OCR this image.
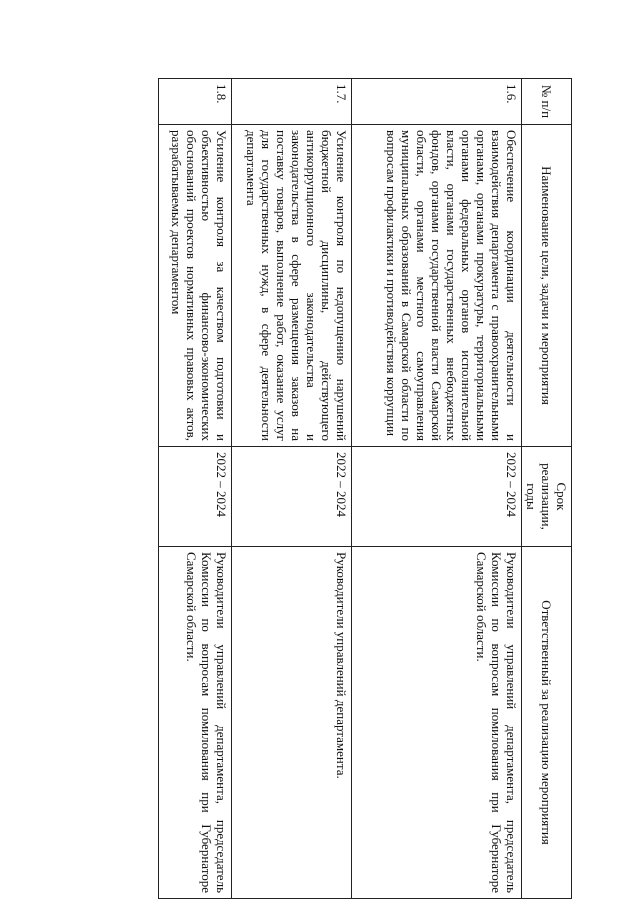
№ п/п	Наименование цели, задачи и мероприятия	Срок реализации, годы	Ответственный за реализацию мероприятия
1.6.	Обеспечение координации деятельности и взаимодействия департамента с правоохранительными органами, органами прокуратуры, территориальными органами федеральных органов исполнительной власти, органами государственных внебюджетных фондов, органами государственной власти Самарской области, органами местного самоуправления муниципальных образований в Самарской области по вопросам профилактики и противодействия коррупции	2022 – 2024	Руководители управлений департамента, председатель Комиссии по вопросам помилования при Губернаторе Самарской области.
1.7.	Усиление контроля по недопущению нарушений бюджетной дисциплины, действующего антикоррупционного законодательства и законодательства в сфере размещения заказов на поставку товаров, выполнение работ, оказание услуг для государственных нужд, в сфере деятельности департамента	2022 – 2024	Руководители управлений департамента.
1.8.	Усиление контроля за качеством подготовки и объективностью финансово-экономических обоснований проектов нормативных правовых актов, разрабатываемых департаментом	2022 – 2024	Руководители управлений департамента, председатель Комиссии по вопросам помилования при Губернаторе Самарской области.
